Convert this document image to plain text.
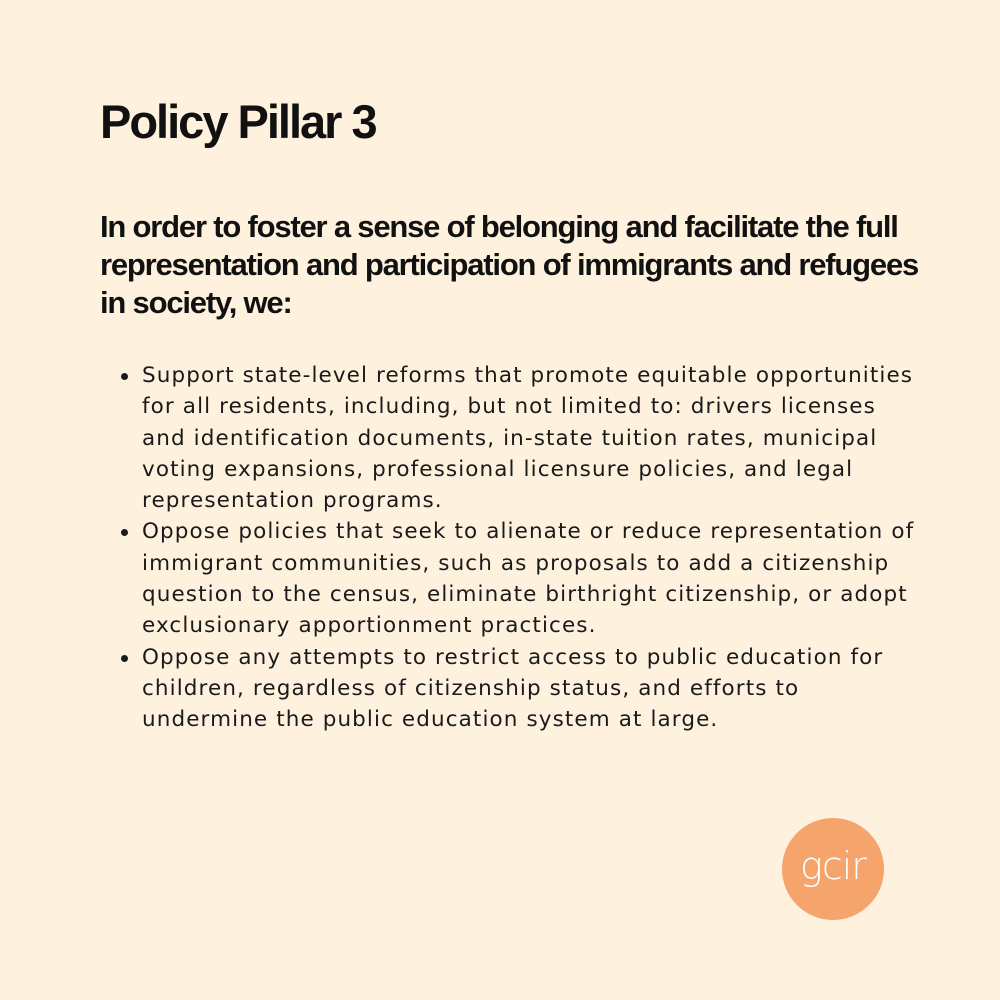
Policy Pillar 3

In order to foster a sense of belonging and facilitate the full representation and participation of immigrants and refugees in society, we:

Support state-level reforms that promote equitable opportunities for all residents, including, but not limited to: drivers licenses and identification documents, in-state tuition rates, municipal voting expansions, professional licensure policies, and legal representation programs.
Oppose policies that seek to alienate or reduce representation of immigrant communities, such as proposals to add a citizenship question to the census, eliminate birthright citizenship, or adopt exclusionary apportionment practices.
Oppose any attempts to restrict access to public education for children, regardless of citizenship status, and efforts to undermine the public education system at large.
gcir
